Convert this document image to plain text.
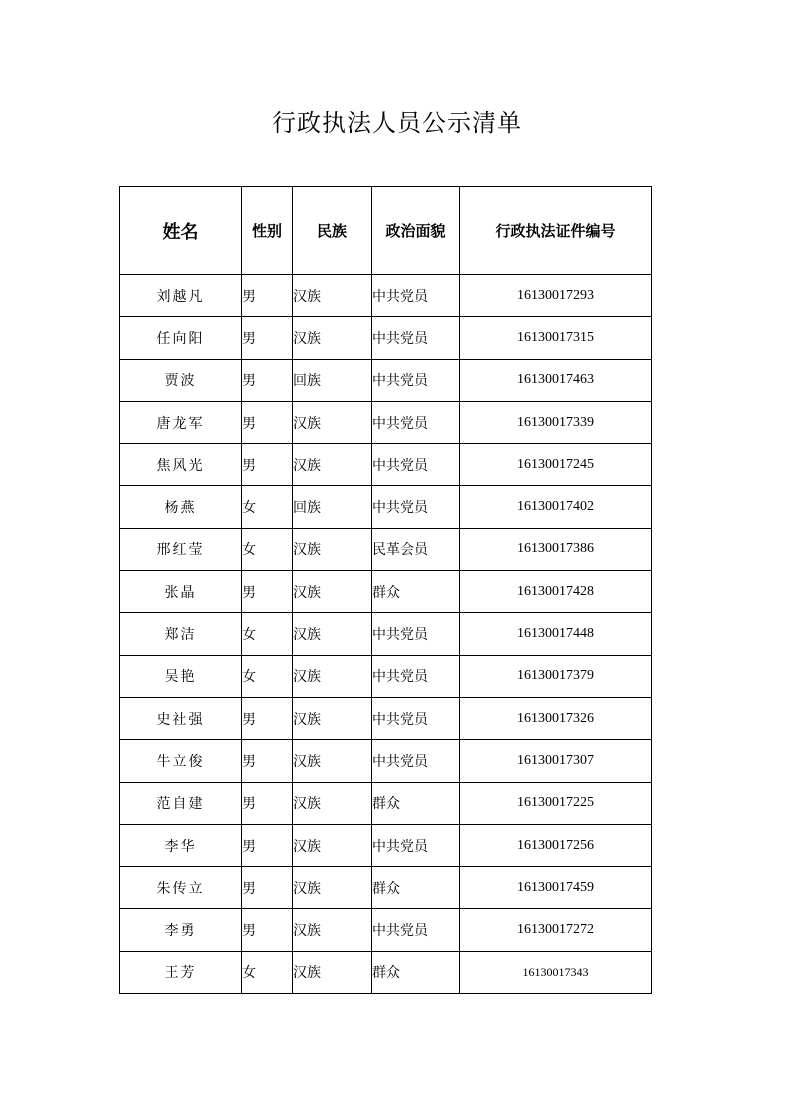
行政执法人员公示清单
姓名	性别	民族	政治面貌	行政执法证件编号
刘越凡	男	汉族	中共党员	16130017293
任向阳	男	汉族	中共党员	16130017315
贾波	男	回族	中共党员	16130017463
唐龙军	男	汉族	中共党员	16130017339
焦风光	男	汉族	中共党员	16130017245
杨燕	女	回族	中共党员	16130017402
邢红莹	女	汉族	民革会员	16130017386
张晶	男	汉族	群众	16130017428
郑洁	女	汉族	中共党员	16130017448
吴艳	女	汉族	中共党员	16130017379
史社强	男	汉族	中共党员	16130017326
牛立俊	男	汉族	中共党员	16130017307
范自建	男	汉族	群众	16130017225
李华	男	汉族	中共党员	16130017256
朱传立	男	汉族	群众	16130017459
李勇	男	汉族	中共党员	16130017272
王芳	女	汉族	群众	16130017343
